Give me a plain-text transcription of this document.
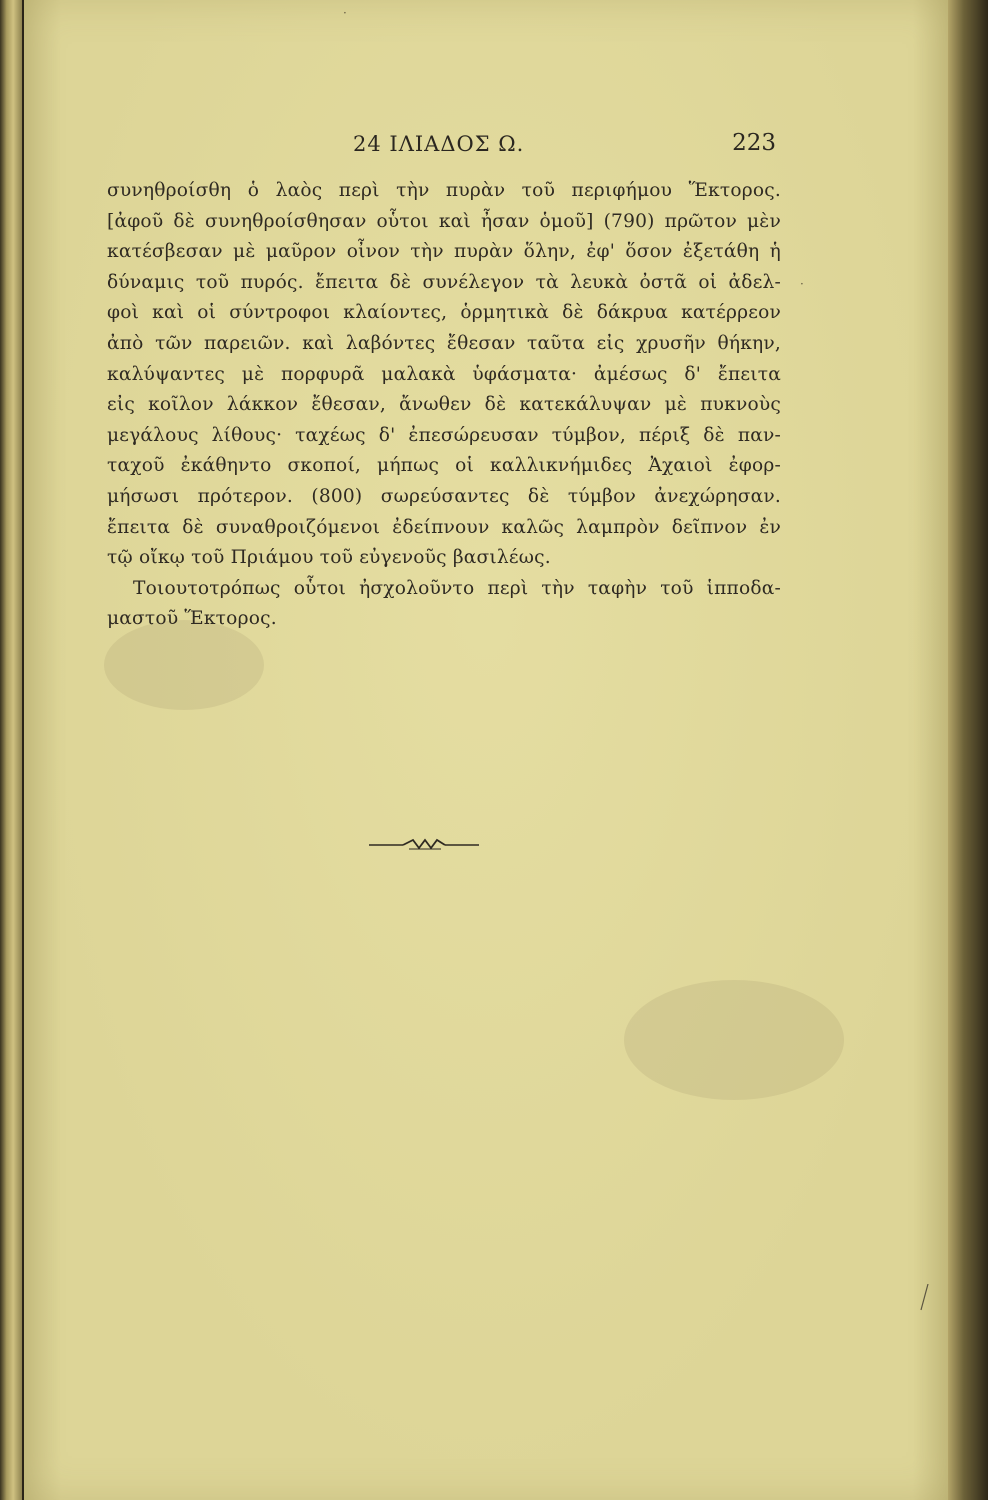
24 ΙΛΙΑΔΟΣ Ω.	223
συνηθροίσθη ὁ λαὸς περὶ τὴν πυρὰν τοῦ περιφήμου Ἕκτορος.
[ἀφοῦ δὲ συνηθροίσθησαν οὗτοι καὶ ἦσαν ὁμοῦ] (790) πρῶτον μὲν
κατέσβεσαν μὲ μαῦρον οἶνον τὴν πυρὰν ὅλην, ἐφ' ὅσον ἐξετάθη ἡ
δύναμις τοῦ πυρός. ἔπειτα δὲ συνέλεγον τὰ λευκὰ ὀστᾶ οἱ ἀδελ-
φοὶ καὶ οἱ σύντροφοι κλαίοντες, ὁρμητικὰ δὲ δάκρυα κατέρρεον
ἀπὸ τῶν παρειῶν. καὶ λαβόντες ἔθεσαν ταῦτα εἰς χρυσῆν θήκην,
καλύψαντες μὲ πορφυρᾶ μαλακὰ ὑφάσματα· ἀμέσως δ' ἔπειτα
εἰς κοῖλον λάκκον ἔθεσαν, ἄνωθεν δὲ κατεκάλυψαν μὲ πυκνοὺς
μεγάλους λίθους· ταχέως δ' ἐπεσώρευσαν τύμβον, πέριξ δὲ παν-
ταχοῦ ἐκάθηντο σκοποί, μήπως οἱ καλλικνήμιδες Ἀχαιοὶ ἐφορ-
μήσωσι πρότερον. (800) σωρεύσαντες δὲ τύμβον ἀνεχώρησαν.
ἔπειτα δὲ συναθροιζόμενοι ἐδείπνουν καλῶς λαμπρὸν δεῖπνον ἐν
τῷ οἴκῳ τοῦ Πριάμου τοῦ εὐγενοῦς βασιλέως.
Τοιουτοτρόπως οὗτοι ἠσχολοῦντο περὶ τὴν ταφὴν τοῦ ἱπποδα-
μαστοῦ Ἕκτορος.
·
·
